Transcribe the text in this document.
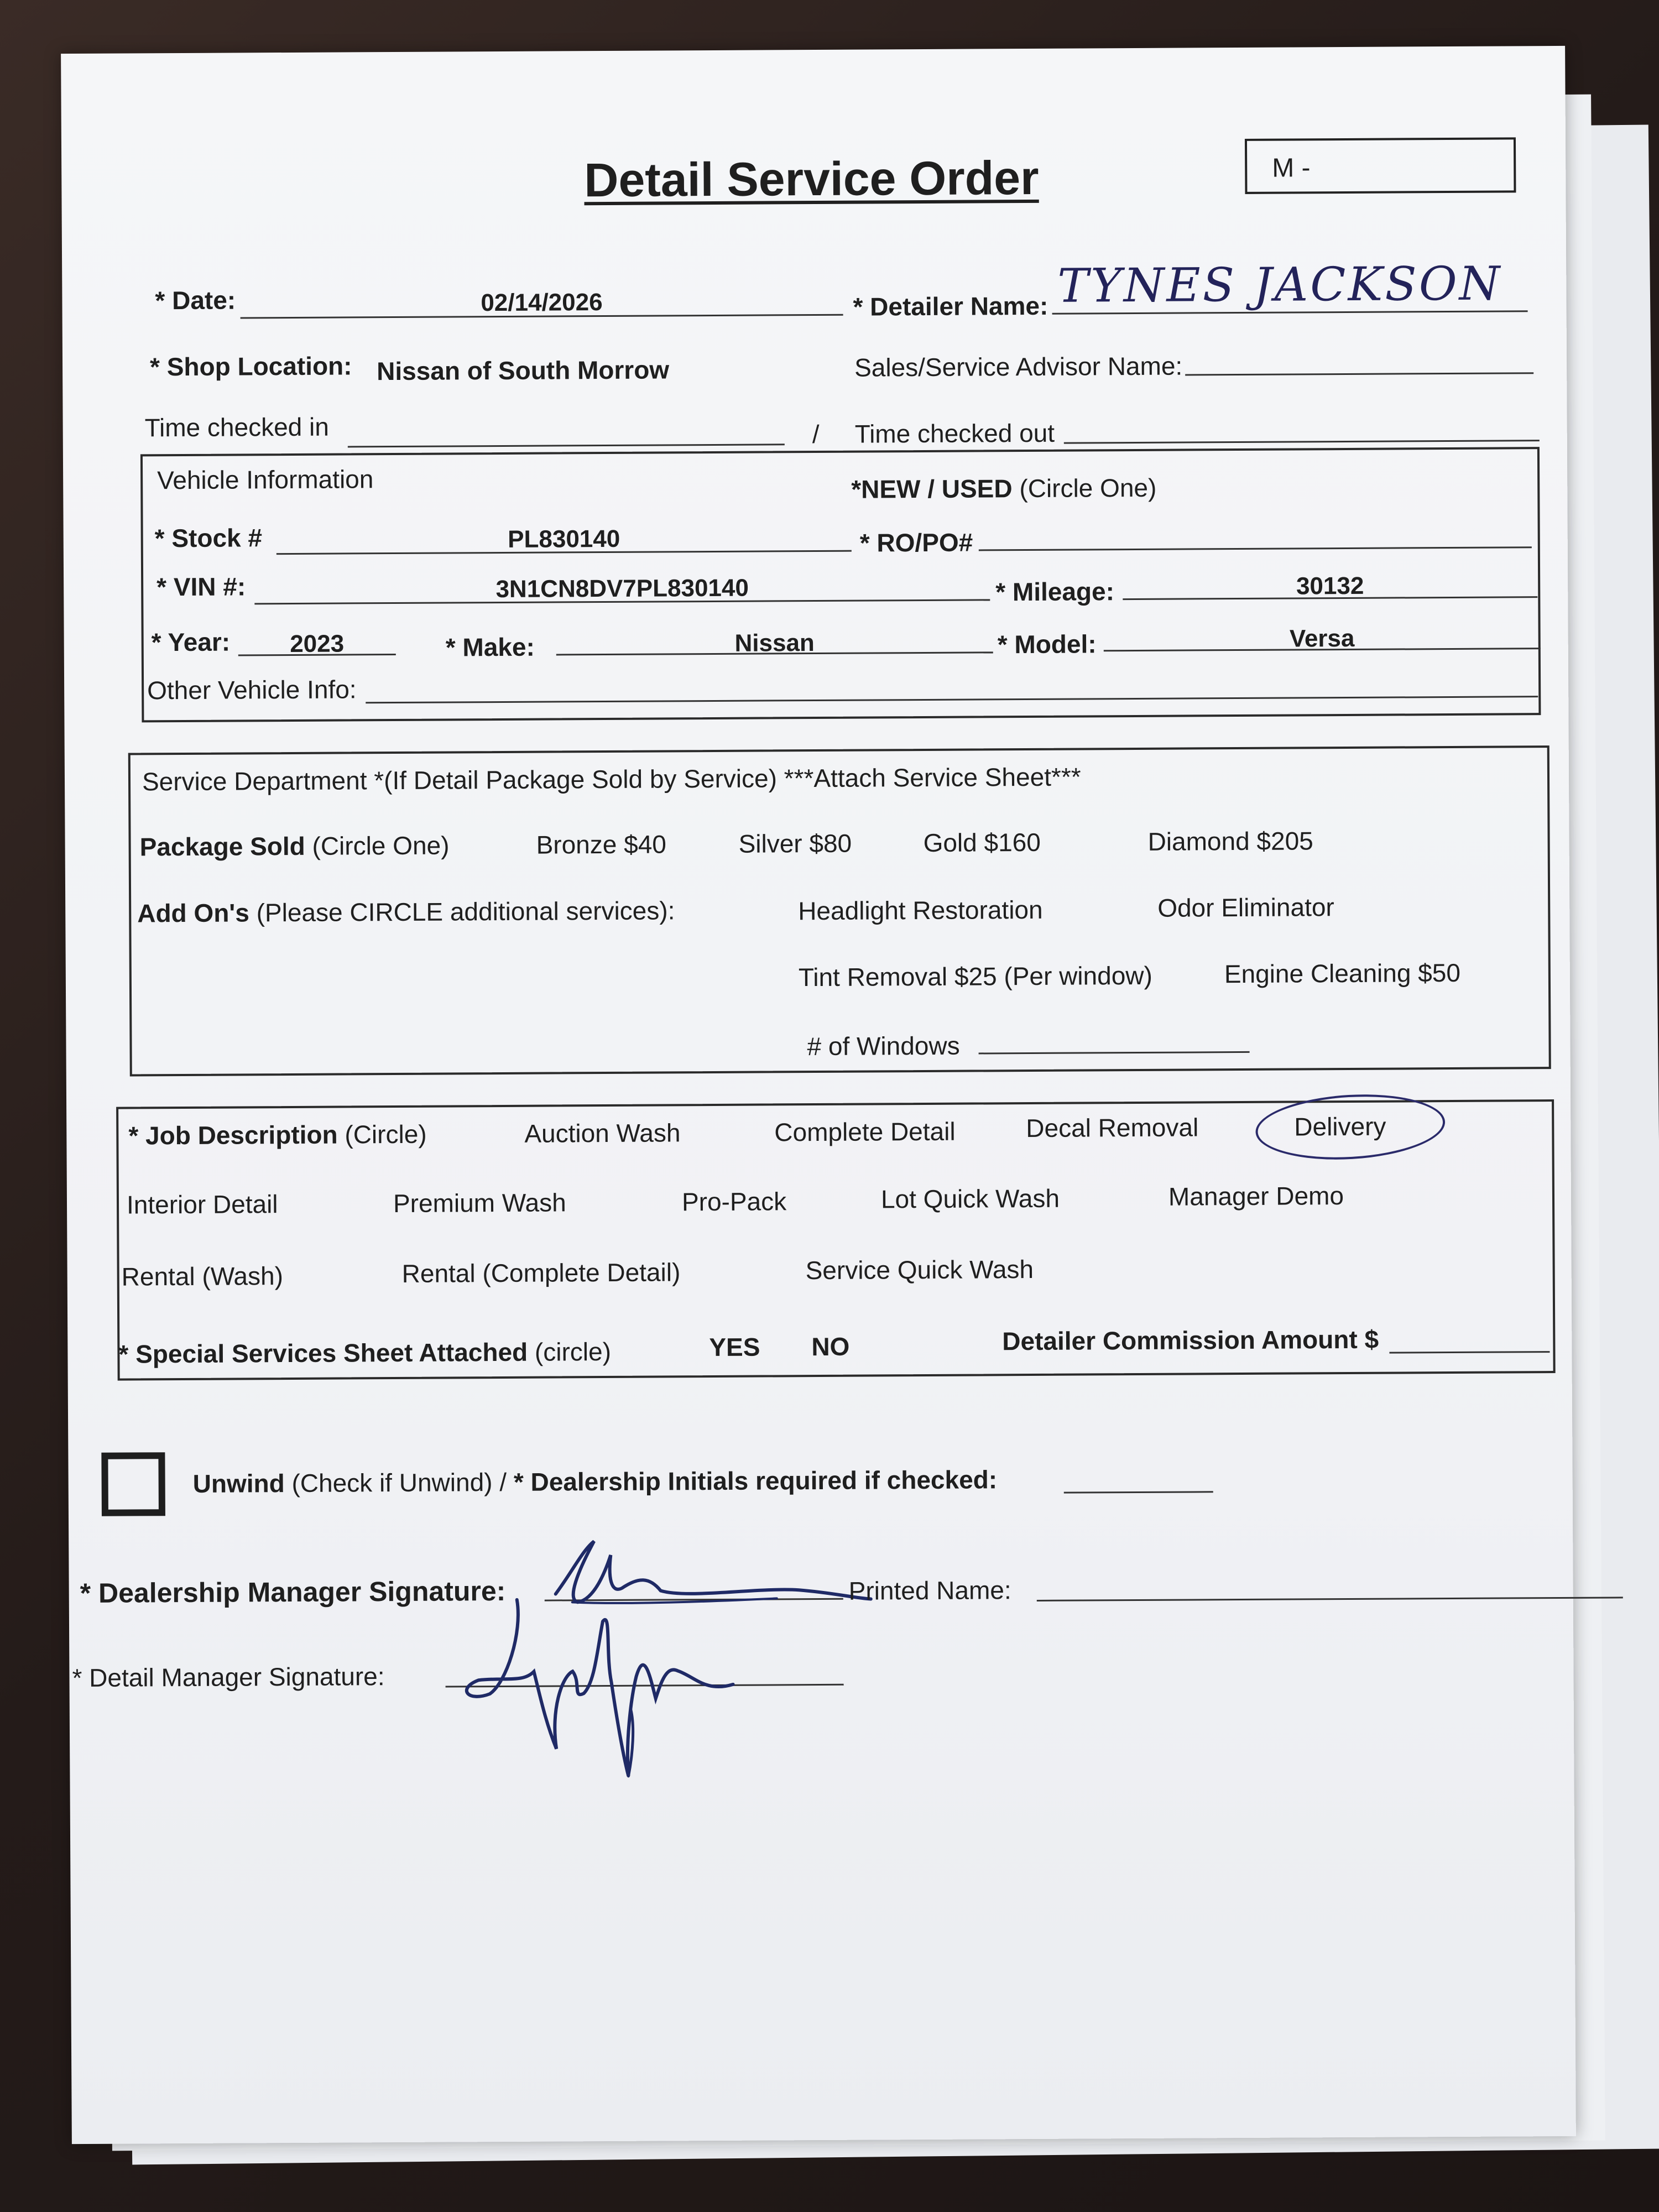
Detail Service Order	M -
* Date:	02/14/2026	* Detailer Name: TYNES JACKSON
* Shop Location: Nissan of South Morrow	Sales/Service Advisor Name:
Time checked in	/ Time checked out
Vehicle Information	*NEW / USED (Circle One)
* Stock #	PL830140	* RO/PO#
* VIN #:	3N1CN8DV7PL830140	* Mileage:	30132
* Year:	2023	* Make:	Nissan	* Model:	Versa
Other Vehicle Info:
Service Department *(If Detail Package Sold by Service) ***Attach Service Sheet***
Package Sold (Circle One)	Bronze $40	Silver $80	Gold $160	Diamond $205
Add On's (Please CIRCLE additional services):	Headlight Restoration	Odor Eliminator
Tint Removal $25 (Per window)	Engine Cleaning $50
# of Windows
* Job Description (Circle)	Auction Wash	Complete Detail	Decal Removal	Delivery
Interior Detail	Premium Wash	Pro-Pack	Lot Quick Wash	Manager Demo
Rental (Wash)	Rental (Complete Detail)	Service Quick Wash
* Special Services Sheet Attached (circle)	YES NO	Detailer Commission Amount $
Unwind (Check if Unwind) / * Dealership Initials required if checked:
* Dealership Manager Signature:	Printed Name:
* Detail Manager Signature:
